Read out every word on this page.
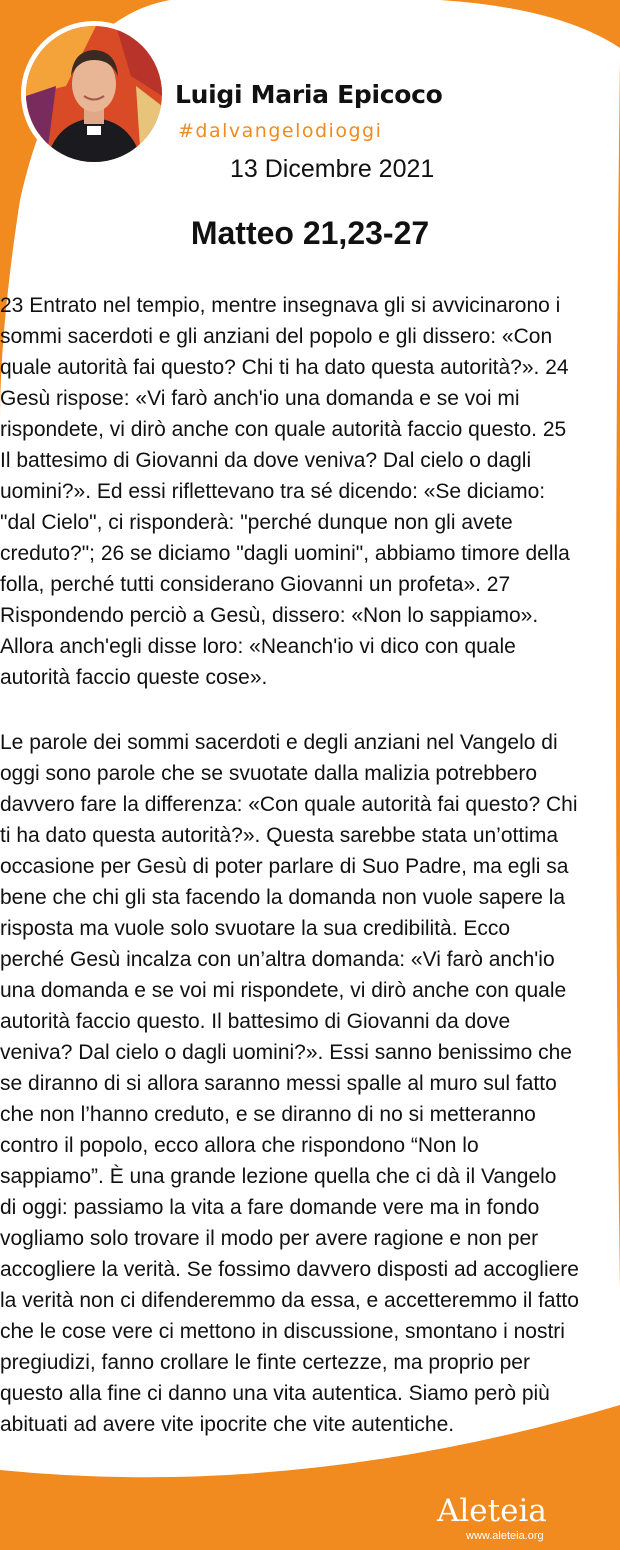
Luigi Maria Epicoco
#dalvangelodioggi
13 Dicembre 2021
Matteo 21,23-27
23 Entrato nel tempio, mentre insegnava gli si avvicinarono i
sommi sacerdoti e gli anziani del popolo e gli dissero: «Con
quale autorità fai questo? Chi ti ha dato questa autorità?». 24
Gesù rispose: «Vi farò anch'io una domanda e se voi mi
rispondete, vi dirò anche con quale autorità faccio questo. 25
Il battesimo di Giovanni da dove veniva? Dal cielo o dagli
uomini?». Ed essi riflettevano tra sé dicendo: «Se diciamo:
"dal Cielo", ci risponderà: "perché dunque non gli avete
creduto?"; 26 se diciamo "dagli uomini", abbiamo timore della
folla, perché tutti considerano Giovanni un profeta». 27
Rispondendo perciò a Gesù, dissero: «Non lo sappiamo».
Allora anch'egli disse loro: «Neanch'io vi dico con quale
autorità faccio queste cose».
Le parole dei sommi sacerdoti e degli anziani nel Vangelo di
oggi sono parole che se svuotate dalla malizia potrebbero
davvero fare la differenza: «Con quale autorità fai questo? Chi
ti ha dato questa autorità?». Questa sarebbe stata un’ottima
occasione per Gesù di poter parlare di Suo Padre, ma egli sa
bene che chi gli sta facendo la domanda non vuole sapere la
risposta ma vuole solo svuotare la sua credibilità. Ecco
perché Gesù incalza con un’altra domanda: «Vi farò anch'io
una domanda e se voi mi rispondete, vi dirò anche con quale
autorità faccio questo. Il battesimo di Giovanni da dove
veniva? Dal cielo o dagli uomini?». Essi sanno benissimo che
se diranno di si allora saranno messi spalle al muro sul fatto
che non l’hanno creduto, e se diranno di no si metteranno
contro il popolo, ecco allora che rispondono “Non lo
sappiamo”. È una grande lezione quella che ci dà il Vangelo
di oggi: passiamo la vita a fare domande vere ma in fondo
vogliamo solo trovare il modo per avere ragione e non per
accogliere la verità. Se fossimo davvero disposti ad accogliere
la verità non ci difenderemmo da essa, e accetteremmo il fatto
che le cose vere ci mettono in discussione, smontano i nostri
pregiudizi, fanno crollare le finte certezze, ma proprio per
questo alla fine ci danno una vita autentica. Siamo però più
abituati ad avere vite ipocrite che vite autentiche.
Aleteia
www.aleteia.org
